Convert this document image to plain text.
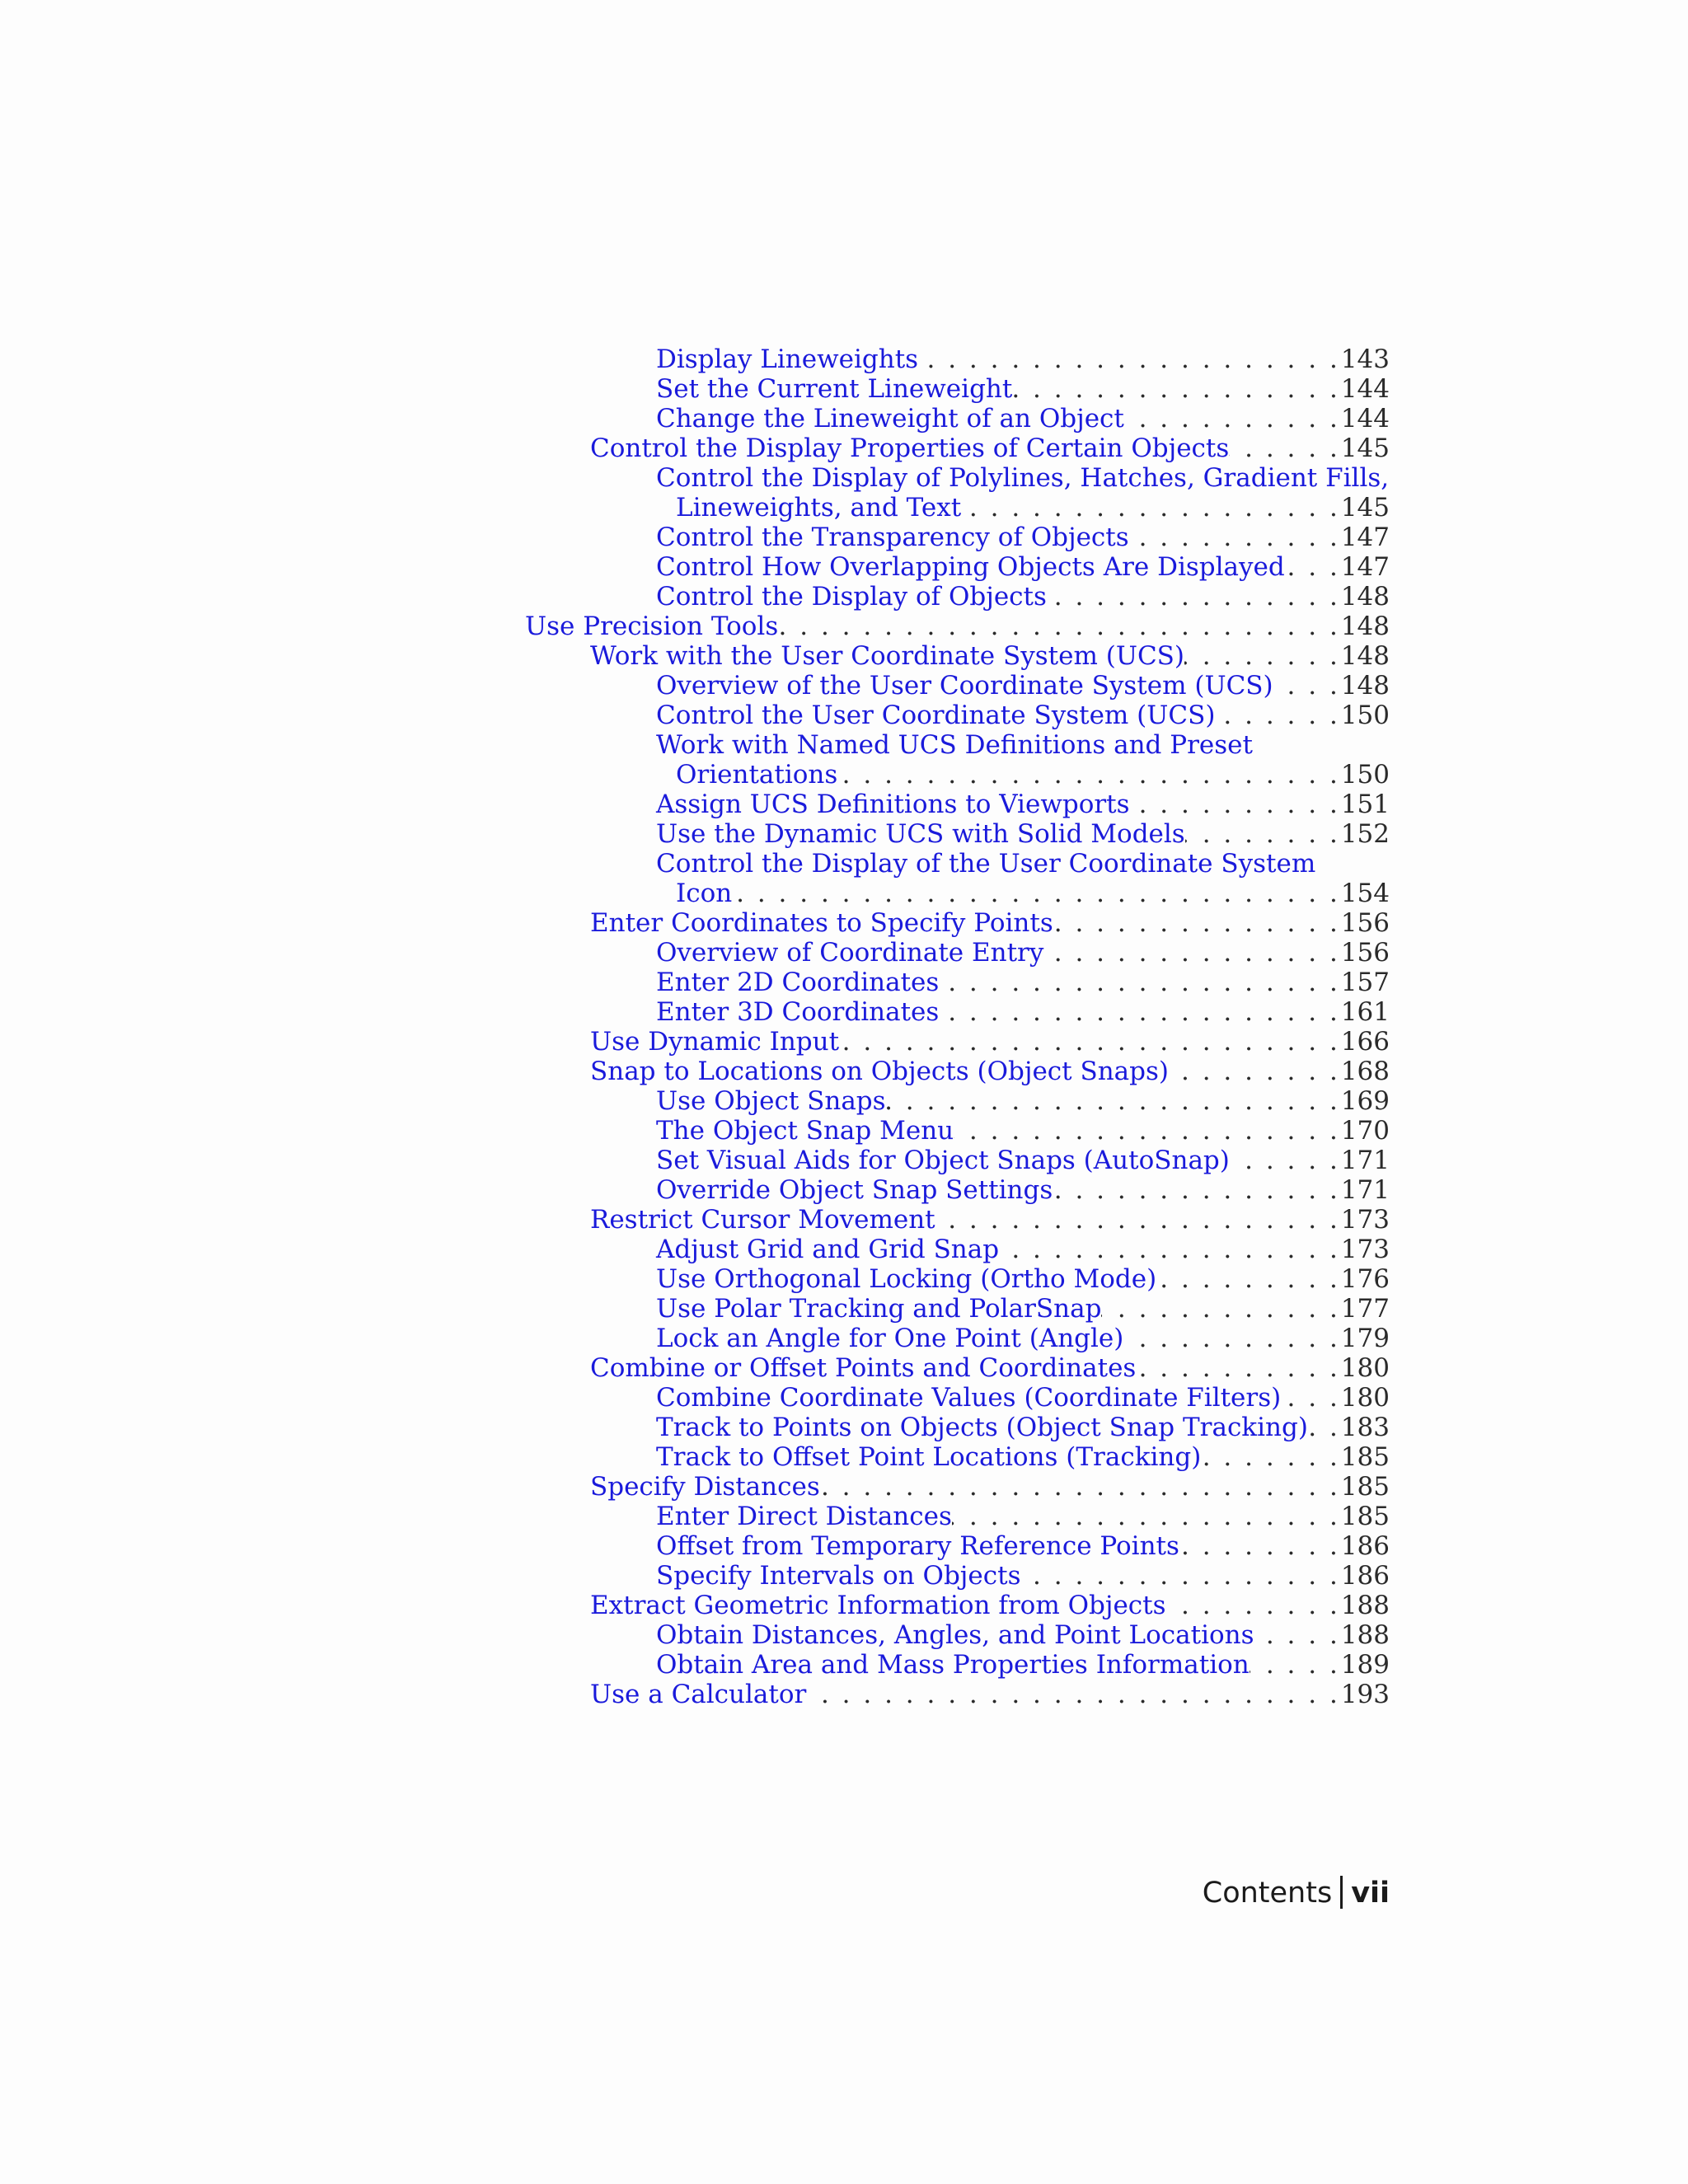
Display Lineweights . . .	143
Set the Current Lineweight . . .	144
Change the Lineweight of an Object . . .	144
Control the Display Properties of Certain Objects . . .	145
Control the Display of Polylines, Hatches, Gradient Fills,
Lineweights, and Text . . .	145
Control the Transparency of Objects . . .	147
Control How Overlapping Objects Are Displayed . . . 147
Control the Display of Objects . . .	148
Use Precision Tools . . .	148
Work with the User Coordinate System (UCS) . . .	148
Overview of the User Coordinate System (UCS) . . .	148
Control the User Coordinate System (UCS) . . .	150
Work with Named UCS Definitions and Preset
Orientations . . .	150
Assign UCS Definitions to Viewports . . .	151
Use the Dynamic UCS with Solid Models . . .	152
Control the Display of the User Coordinate System
Icon . . .	154
Enter Coordinates to Specify Points . . .	156
Overview of Coordinate Entry . . .	156
Enter 2D Coordinates . . .	157
Enter 3D Coordinates . . .	161
Use Dynamic Input . . .	166
Snap to Locations on Objects (Object Snaps) . . .	168
Use Object Snaps . . .	169
The Object Snap Menu . . .	170
Set Visual Aids for Object Snaps (AutoSnap) . . .	171
Override Object Snap Settings . . .	171
Restrict Cursor Movement . . .	173
Adjust Grid and Grid Snap . . .	173
Use Orthogonal Locking (Ortho Mode) . . .	176
Use Polar Tracking and PolarSnap . . .	177
Lock an Angle for One Point (Angle) . . .	179
Combine or Offset Points and Coordinates . . .	180
Combine Coordinate Values (Coordinate Filters) . . . 180
Track to Points on Objects (Object Snap Tracking) . . . 183
Track to Offset Point Locations (Tracking) . . .	185
Specify Distances . . .	185
Enter Direct Distances . . .	185
Offset from Temporary Reference Points . . .	186
Specify Intervals on Objects . . .	186
Extract Geometric Information from Objects . . .	188
Obtain Distances, Angles, and Point Locations . . .	188
Obtain Area and Mass Properties Information . . .	189
Use a Calculator . . .	193
Contents vii
